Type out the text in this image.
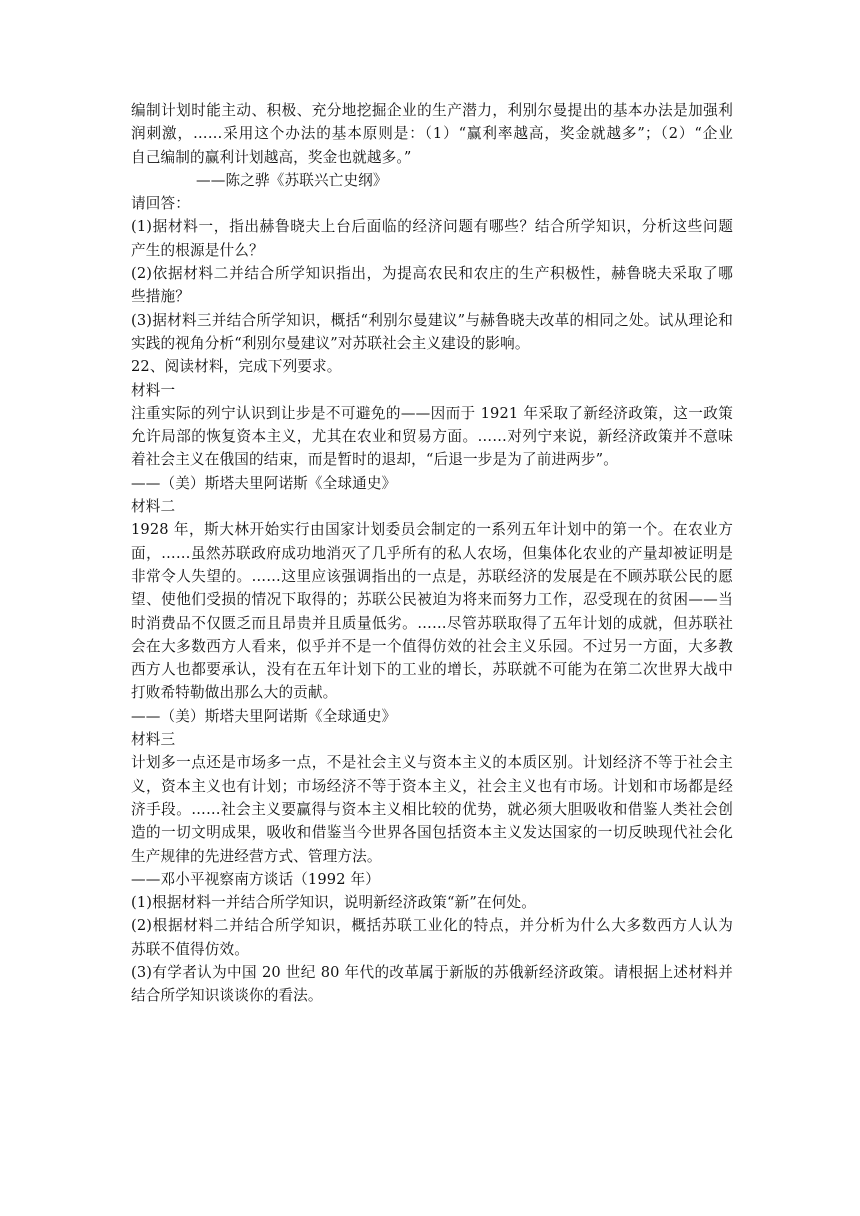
编制计划时能主动、积极、充分地挖掘企业的生产潜力，利别尔曼提出的基本办法是加强利
润刺激，……采用这个办法的基本原则是：（1）“赢利率越高，奖金就越多”；（2）“企业
自己编制的赢利计划越高，奖金也就越多。”
——陈之骅《苏联兴亡史纲》
请回答：
(1)据材料一，指出赫鲁晓夫上台后面临的经济问题有哪些？结合所学知识，分析这些问题
产生的根源是什么？
(2)依据材料二并结合所学知识指出，为提高农民和农庄的生产积极性，赫鲁晓夫采取了哪
些措施？
(3)据材料三并结合所学知识，概括“利别尔曼建议”与赫鲁晓夫改革的相同之处。试从理论和
实践的视角分析“利别尔曼建议”对苏联社会主义建设的影响。
22、阅读材料，完成下列要求。
材料一
注重实际的列宁认识到让步是不可避免的——因而于 1921 年采取了新经济政策，这一政策
允许局部的恢复资本主义，尤其在农业和贸易方面。……对列宁来说，新经济政策并不意味
着社会主义在俄国的结束，而是暂时的退却，“后退一步是为了前进两步”。
——（美）斯塔夫里阿诺斯《全球通史》
材料二
1928 年，斯大林开始实行由国家计划委员会制定的一系列五年计划中的第一个。在农业方
面，……虽然苏联政府成功地消灭了几乎所有的私人农场，但集体化农业的产量却被证明是
非常令人失望的。……这里应该强调指出的一点是，苏联经济的发展是在不顾苏联公民的愿
望、使他们受损的情况下取得的；苏联公民被迫为将来而努力工作，忍受现在的贫困——当
时消费品不仅匮乏而且昂贵并且质量低劣。……尽管苏联取得了五年计划的成就，但苏联社
会在大多数西方人看来，似乎并不是一个值得仿效的社会主义乐园。不过另一方面，大多教
西方人也都要承认，没有在五年计划下的工业的增长，苏联就不可能为在第二次世界大战中
打败希特勒做出那么大的贡献。
——（美）斯塔夫里阿诺斯《全球通史》
材料三
计划多一点还是市场多一点，不是社会主义与资本主义的本质区别。计划经济不等于社会主
义，资本主义也有计划；市场经济不等于资本主义，社会主义也有市场。计划和市场都是经
济手段。……社会主义要赢得与资本主义相比较的优势，就必须大胆吸收和借鉴人类社会创
造的一切文明成果，吸收和借鉴当今世界各国包括资本主义发达国家的一切反映现代社会化
生产规律的先进经营方式、管理方法。
——邓小平视察南方谈话（1992 年）
(1)根据材料一并结合所学知识，说明新经济政策“新”在何处。
(2)根据材料二并结合所学知识，概括苏联工业化的特点，并分析为什么大多数西方人认为
苏联不值得仿效。
(3)有学者认为中国 20 世纪 80 年代的改革属于新版的苏俄新经济政策。请根据上述材料并
结合所学知识谈谈你的看法。
